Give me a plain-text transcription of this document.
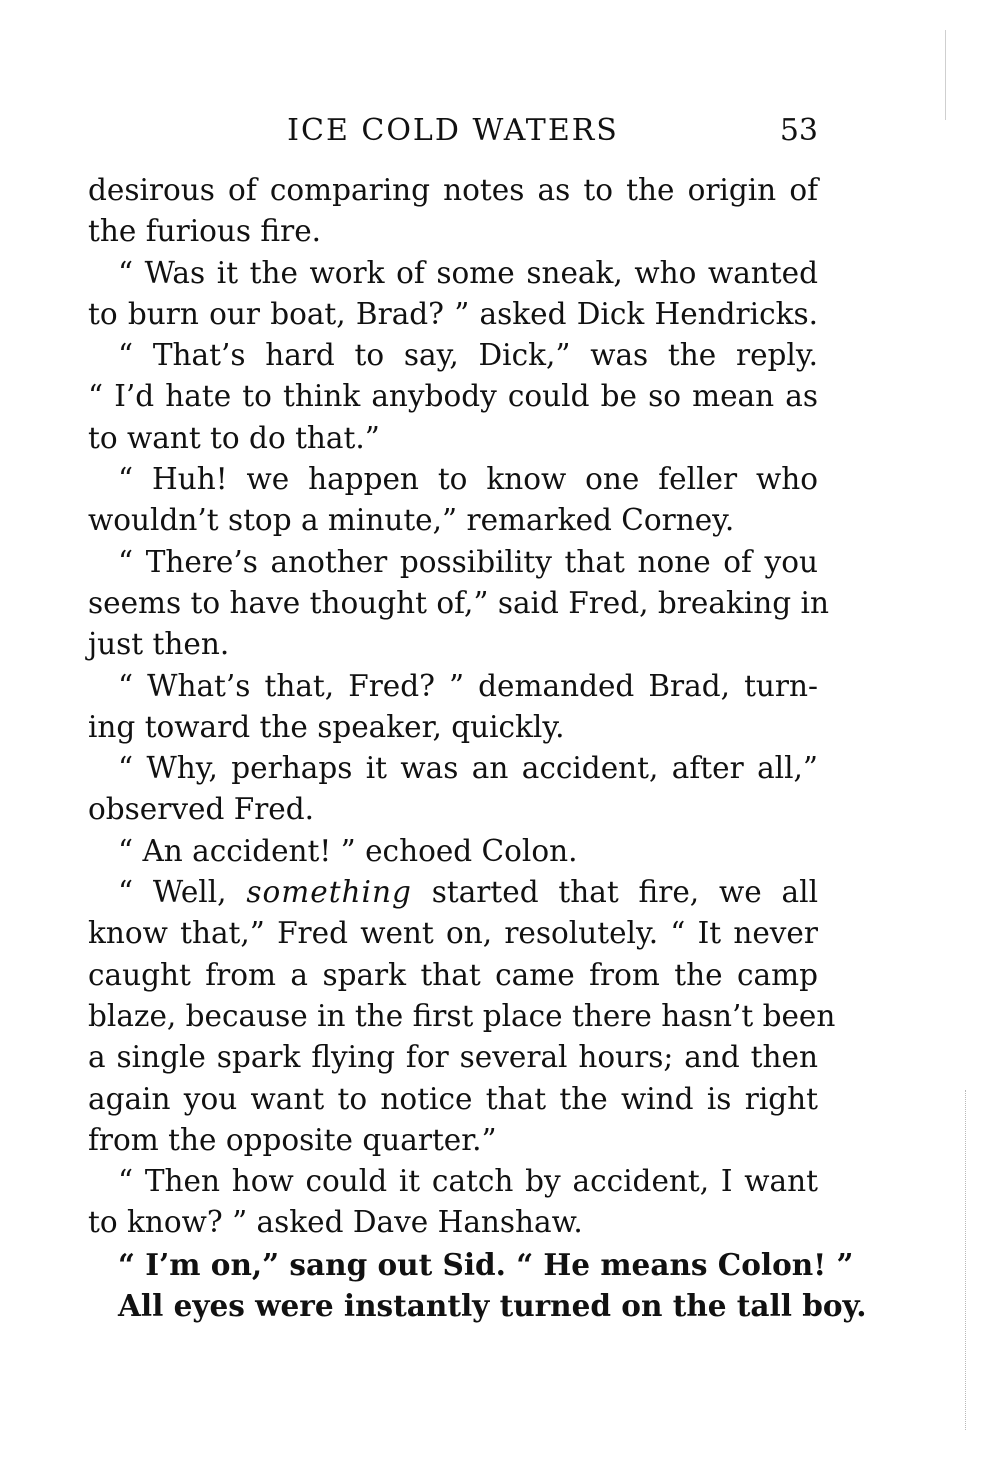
ICE COLD WATERS	53
desirous of comparing notes as to the origin of
the furious fire.
“ Was it the work of some sneak, who wanted
to burn our boat, Brad? ” asked Dick Hendricks.
“ That’s hard to say, Dick,” was the reply.
“ I’d hate to think anybody could be so mean as
to want to do that.”
“ Huh! we happen to know one feller who
wouldn’t stop a minute,” remarked Corney.
“ There’s another possibility that none of you
seems to have thought of,” said Fred, breaking in
just then.
“ What’s that, Fred? ” demanded Brad, turn-
ing toward the speaker, quickly.
“ Why, perhaps it was an accident, after all,”
observed Fred.
“ An accident! ” echoed Colon.
“ Well, something started that fire, we all
know that,” Fred went on, resolutely. “ It never
caught from a spark that came from the camp
blaze, because in the first place there hasn’t been
a single spark flying for several hours; and then
again you want to notice that the wind is right
from the opposite quarter.”
“ Then how could it catch by accident, I want
to know? ” asked Dave Hanshaw.
“ I’m on,” sang out Sid. “ He means Colon! ”
All eyes were instantly turned on the tall boy.
